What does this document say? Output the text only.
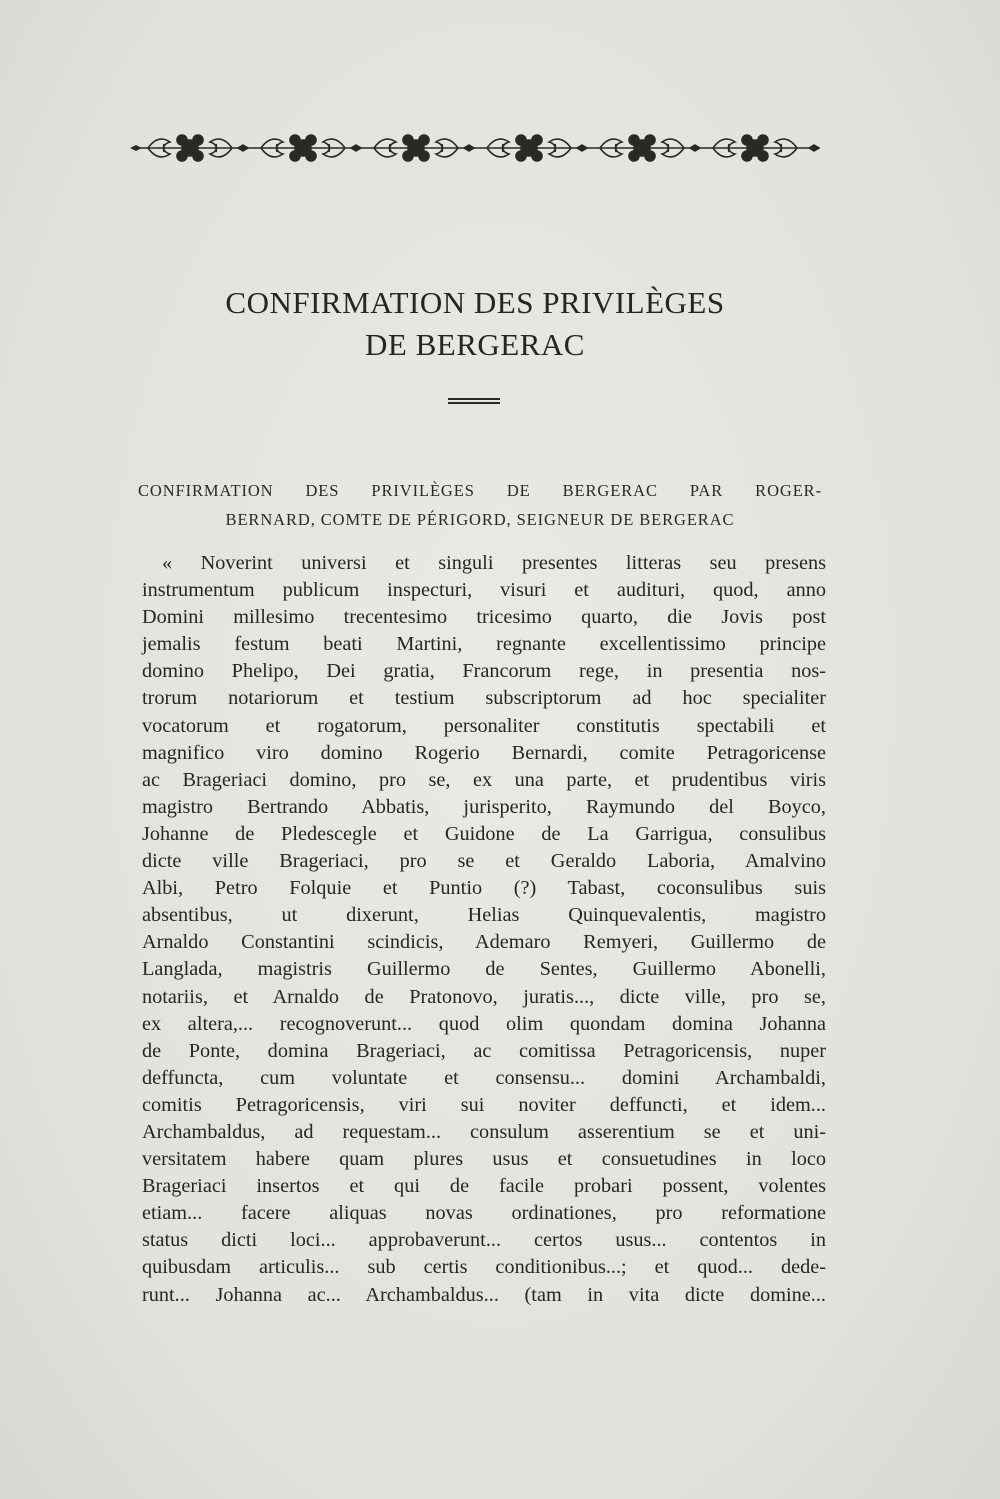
CONFIRMATION DES PRIVILÈGES
DE BERGERAC
CONFIRMATION DES PRIVILÈGES DE BERGERAC PAR ROGER-
BERNARD, COMTE DE PÉRIGORD, SEIGNEUR DE BERGERAC
« Noverint universi et singuli presentes litteras seu presens
instrumentum publicum inspecturi, visuri et audituri, quod, anno
Domini millesimo trecentesimo tricesimo quarto, die Jovis post
jemalis festum beati Martini, regnante excellentissimo principe
domino Phelipo, Dei gratia, Francorum rege, in presentia nos-
trorum notariorum et testium subscriptorum ad hoc specialiter
vocatorum et rogatorum, personaliter constitutis spectabili et
magnifico viro domino Rogerio Bernardi, comite Petragoricense
ac Brageriaci domino, pro se, ex una parte, et prudentibus viris
magistro Bertrando Abbatis, jurisperito, Raymundo del Boyco,
Johanne de Pledescegle et Guidone de La Garrigua, consulibus
dicte ville Brageriaci, pro se et Geraldo Laboria, Amalvino
Albi, Petro Folquie et Puntio (?) Tabast, coconsulibus suis
absentibus, ut dixerunt, Helias Quinquevalentis, magistro
Arnaldo Constantini scindicis, Ademaro Remyeri, Guillermo de
Langlada, magistris Guillermo de Sentes, Guillermo Abonelli,
notariis, et Arnaldo de Pratonovo, juratis..., dicte ville, pro se,
ex altera,... recognoverunt... quod olim quondam domina Johanna
de Ponte, domina Brageriaci, ac comitissa Petragoricensis, nuper
deffuncta, cum voluntate et consensu... domini Archambaldi,
comitis Petragoricensis, viri sui noviter deffuncti, et idem...
Archambaldus, ad requestam... consulum asserentium se et uni-
versitatem habere quam plures usus et consuetudines in loco
Brageriaci insertos et qui de facile probari possent, volentes
etiam... facere aliquas novas ordinationes, pro reformatione
status dicti loci... approbaverunt... certos usus... contentos in
quibusdam articulis... sub certis conditionibus...; et quod... dede-
runt... Johanna ac... Archambaldus... (tam in vita dicte domine...
